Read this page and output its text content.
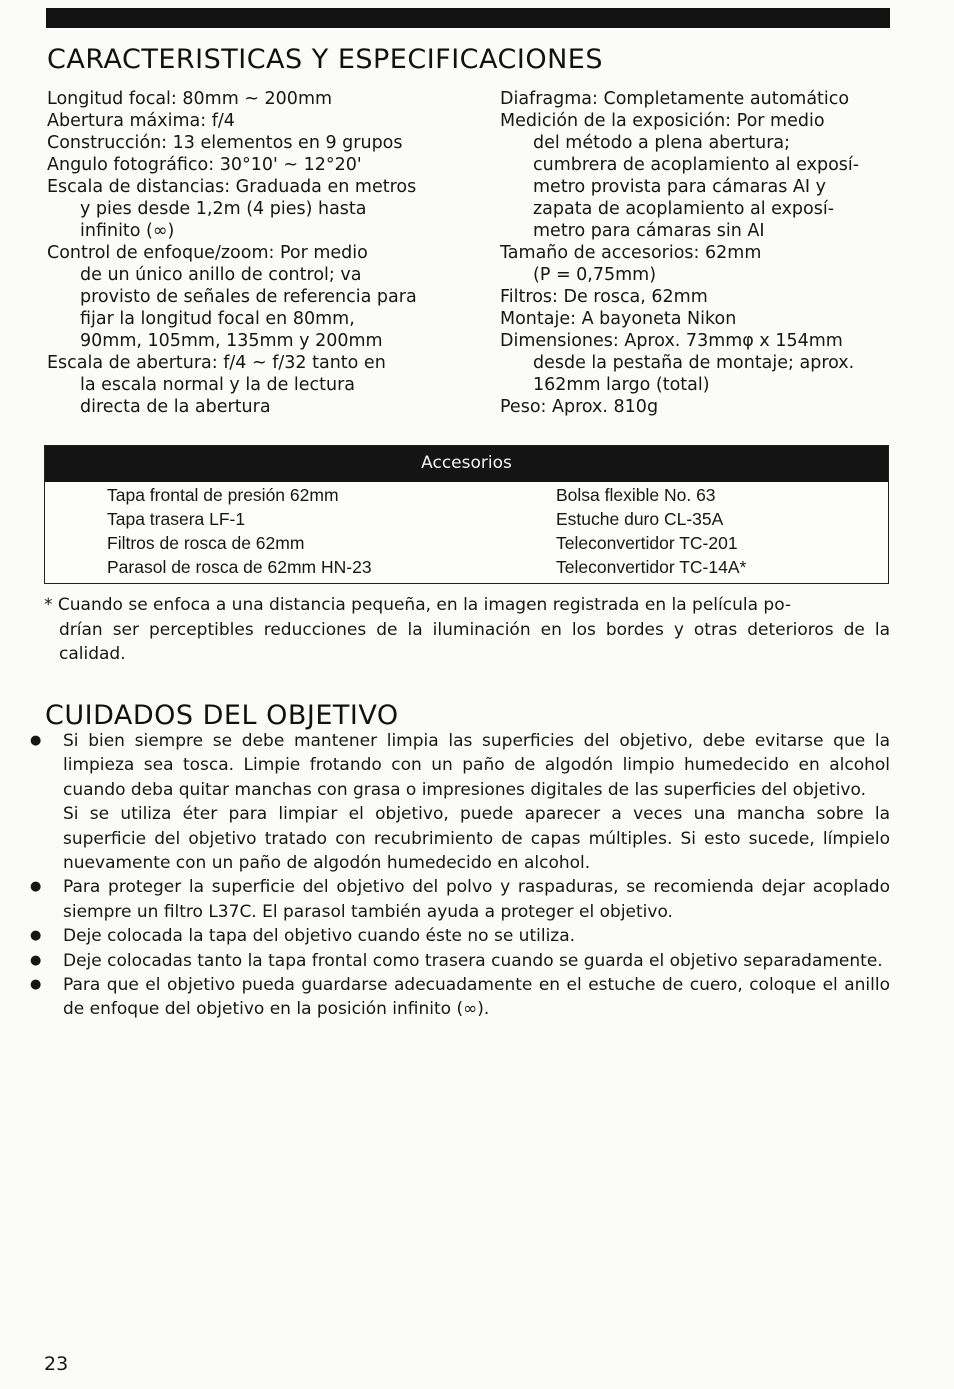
CARACTERISTICAS Y ESPECIFICACIONES

Longitud focal: 80mm ~ 200mm

Abertura máxima: f/4

Construcción: 13 elementos en 9 grupos

Angulo fotográfico: 30°10' ~ 12°20'

Escala de distancias: Graduada en metros
y pies desde 1,2m (4 pies) hasta
infinito (∞)

Control de enfoque/zoom: Por medio
de un único anillo de control; va
provisto de señales de referencia para
fijar la longitud focal en 80mm,
90mm, 105mm, 135mm y 200mm

Escala de abertura: f/4 ~ f/32 tanto en
la escala normal y la de lectura
directa de la abertura

Diafragma: Completamente automático

Medición de la exposición: Por medio
del método a plena abertura;
cumbrera de acoplamiento al exposí-
metro provista para cámaras AI y
zapata de acoplamiento al exposí-
metro para cámaras sin AI

Tamaño de accesorios: 62mm
(P = 0,75mm)

Filtros: De rosca, 62mm

Montaje: A bayoneta Nikon

Dimensiones: Aprox. 73mmφ x 154mm
desde la pestaña de montaje; aprox.
162mm largo (total)

Peso: Aprox. 810g

Accesorios
Tapa frontal de presión 62mm
Tapa trasera LF-1
Filtros de rosca de 62mm
Parasol de rosca de 62mm HN-23
Bolsa flexible No. 63
Estuche duro CL-35A
Teleconvertidor TC-201
Teleconvertidor TC-14A*
* Cuando se enfoca a una distancia pequeña, en la imagen registrada en la película po-
drían ser perceptibles reducciones de la iluminación en los bordes y otras deterioros de la calidad.
CUIDADOS DEL OBJETIVO

● Si bien siempre se debe mantener limpia las superficies del objetivo, debe evitarse que la limpieza sea tosca. Limpie frotando con un paño de algodón limpio humedecido en alcohol cuando deba quitar manchas con grasa o impresiones digitales de las superficies del objetivo.
Si se utiliza éter para limpiar el objetivo, puede aparecer a veces una mancha sobre la superficie del objetivo tratado con recubrimiento de capas múltiples. Si esto sucede, límpielo nuevamente con un paño de algodón humedecido en alcohol.

● Para proteger la superficie del objetivo del polvo y raspaduras, se recomienda dejar acoplado siempre un filtro L37C. El parasol también ayuda a proteger el objetivo.

● Deje colocada la tapa del objetivo cuando éste no se utiliza.

● Deje colocadas tanto la tapa frontal como trasera cuando se guarda el objetivo separadamente.

● Para que el objetivo pueda guardarse adecuadamente en el estuche de cuero, coloque el anillo de enfoque del objetivo en la posición infinito (∞).

23
